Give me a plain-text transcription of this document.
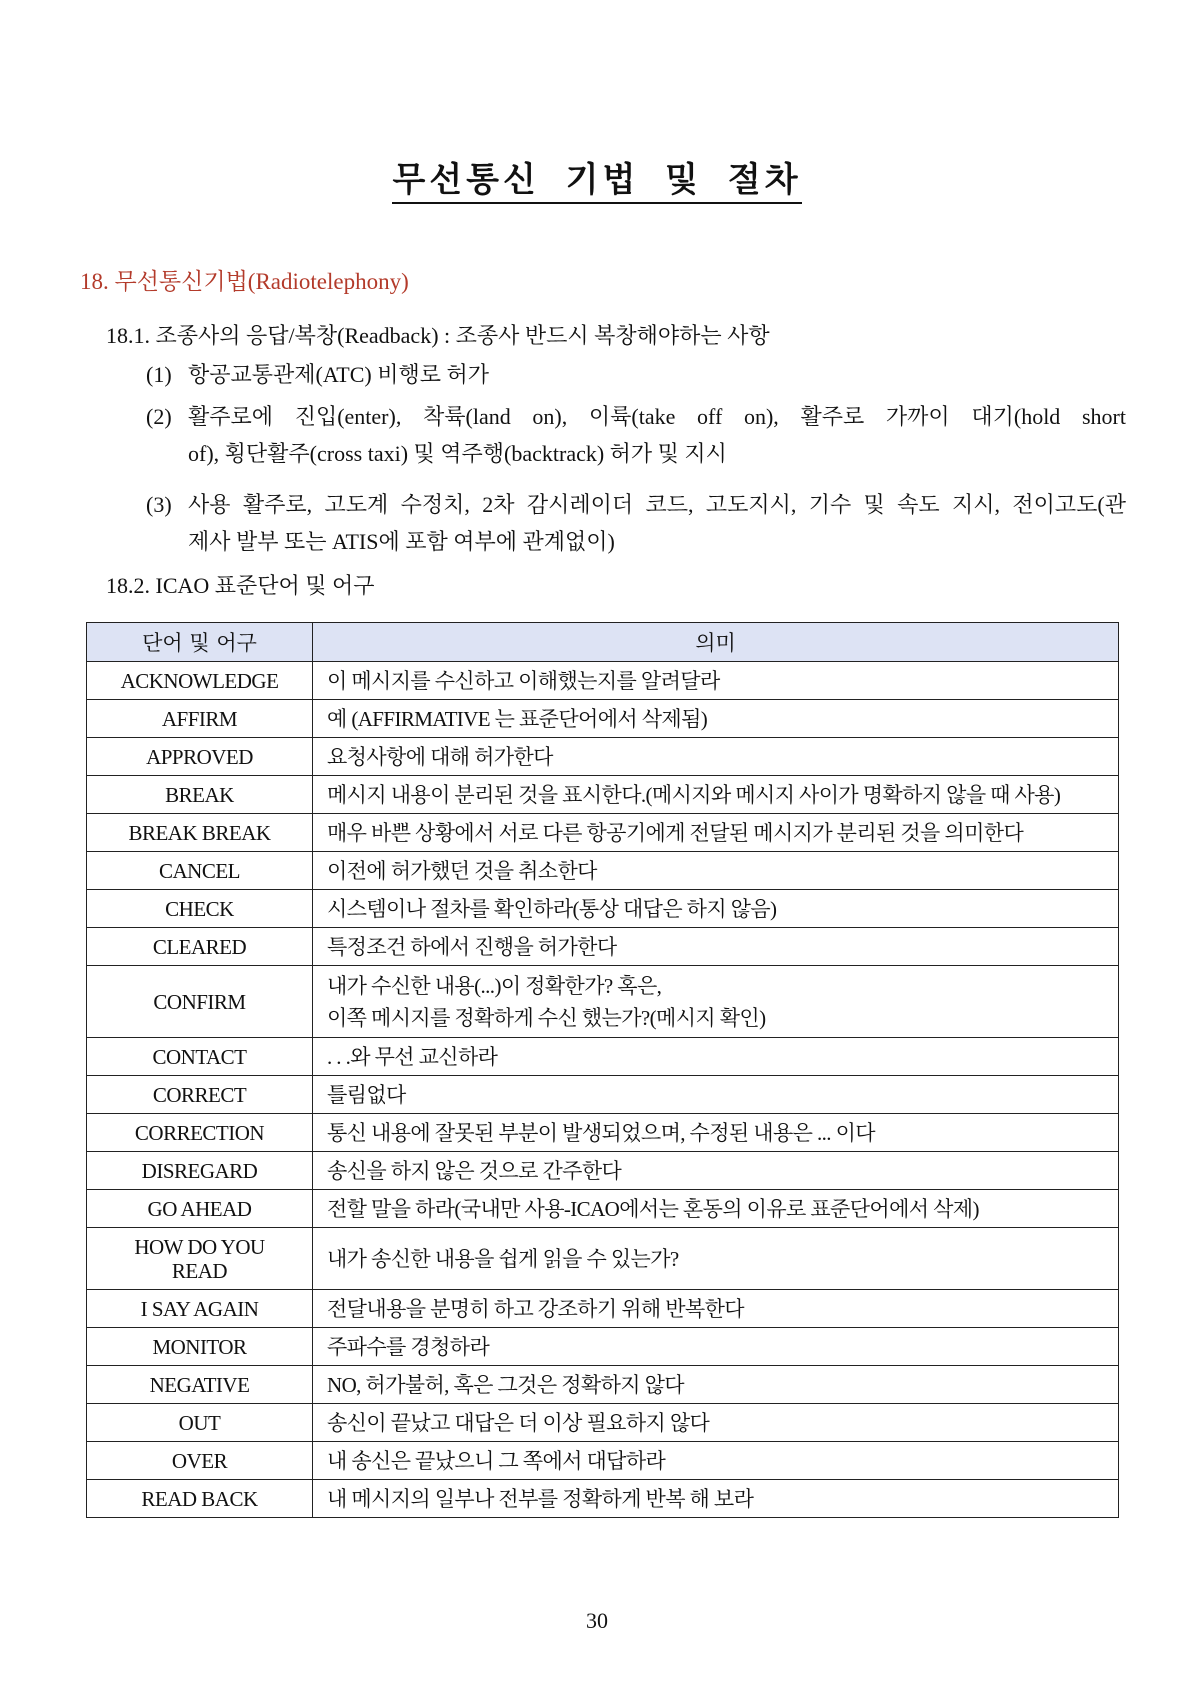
무선통신 기법 및 절차
18. 무선통신기법(Radiotelephony)
18.1. 조종사의 응답/복창(Readback) : 조종사 반드시 복창해야하는 사항
(1) 항공교통관제(ATC) 비행로 허가
(2) 활주로에 진입(enter), 착륙(land on), 이륙(take off on), 활주로 가까이 대기(hold short
of), 횡단활주(cross taxi) 및 역주행(backtrack) 허가 및 지시
(3) 사용 활주로, 고도계 수정치, 2차 감시레이더 코드, 고도지시, 기수 및 속도 지시, 전이고도(관
제사 발부 또는 ATIS에 포함 여부에 관계없이)
18.2. ICAO 표준단어 및 어구
단어 및 어구	의미

ACKNOWLEDGE	이 메시지를 수신하고 이해했는지를 알려달라

AFFIRM	예 (AFFIRMATIVE 는 표준단어에서 삭제됨)

APPROVED	요청사항에 대해 허가한다

BREAK	메시지 내용이 분리된 것을 표시한다.(메시지와 메시지 사이가 명확하지 않을 때 사용)

BREAK BREAK	매우 바쁜 상황에서 서로 다른 항공기에게 전달된 메시지가 분리된 것을 의미한다

CANCEL	이전에 허가했던 것을 취소한다

CHECK	시스템이나 절차를 확인하라(통상 대답은 하지 않음)

CLEARED	특정조건 하에서 진행을 허가한다

CONFIRM	내가 수신한 내용(...)이 정확한가? 혹은,
이쪽 메시지를 정확하게 수신 했는가?(메시지 확인)

CONTACT	. . .와 무선 교신하라

CORRECT	틀림없다

CORRECTION	통신 내용에 잘못된 부분이 발생되었으며, 수정된 내용은 ... 이다

DISREGARD	송신을 하지 않은 것으로 간주한다

GO AHEAD	전할 말을 하라(국내만 사용-ICAO에서는 혼동의 이유로 표준단어에서 삭제)

HOW DO YOU
READ	내가 송신한 내용을 쉽게 읽을 수 있는가?

I SAY AGAIN	전달내용을 분명히 하고 강조하기 위해 반복한다

MONITOR	주파수를 경청하라

NEGATIVE	NO, 허가불허, 혹은 그것은 정확하지 않다

OUT	송신이 끝났고 대답은 더 이상 필요하지 않다

OVER	내 송신은 끝났으니 그 쪽에서 대답하라

READ BACK	내 메시지의 일부나 전부를 정확하게 반복 해 보라
30
